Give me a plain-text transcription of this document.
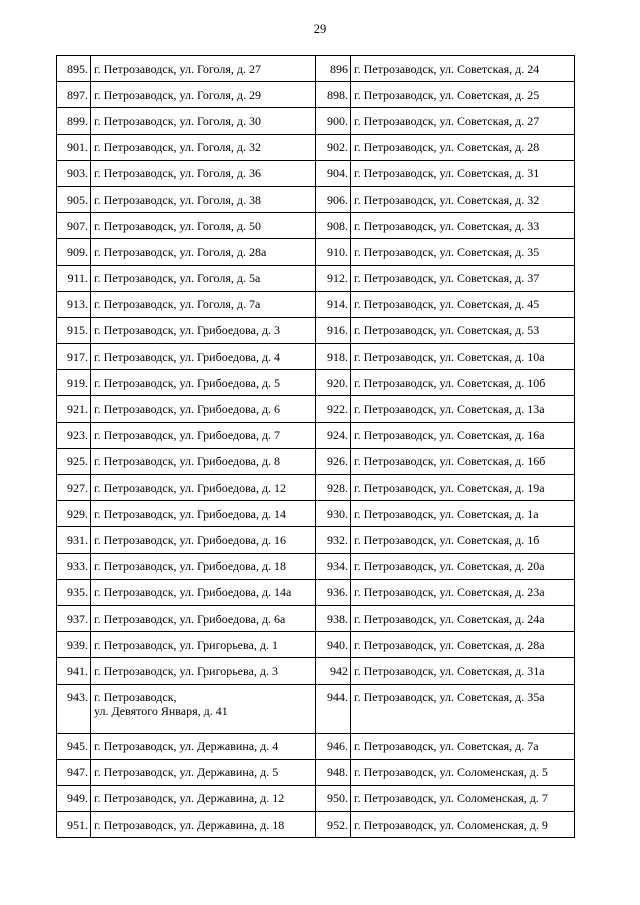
29
895.	г. Петрозаводск, ул. Гоголя, д. 27	896	г. Петрозаводск, ул. Советская, д. 24
897.	г. Петрозаводск, ул. Гоголя, д. 29	898.	г. Петрозаводск, ул. Советская, д. 25
899.	г. Петрозаводск, ул. Гоголя, д. 30	900.	г. Петрозаводск, ул. Советская, д. 27
901.	г. Петрозаводск, ул. Гоголя, д. 32	902.	г. Петрозаводск, ул. Советская, д. 28
903.	г. Петрозаводск, ул. Гоголя, д. 36	904.	г. Петрозаводск, ул. Советская, д. 31
905.	г. Петрозаводск, ул. Гоголя, д. 38	906.	г. Петрозаводск, ул. Советская, д. 32
907.	г. Петрозаводск, ул. Гоголя, д. 50	908.	г. Петрозаводск, ул. Советская, д. 33
909.	г. Петрозаводск, ул. Гоголя, д. 28а	910.	г. Петрозаводск, ул. Советская, д. 35
911.	г. Петрозаводск, ул. Гоголя, д. 5а	912.	г. Петрозаводск, ул. Советская, д. 37
913.	г. Петрозаводск, ул. Гоголя, д. 7а	914.	г. Петрозаводск, ул. Советская, д. 45
915.	г. Петрозаводск, ул. Грибоедова, д. 3	916.	г. Петрозаводск, ул. Советская, д. 53
917.	г. Петрозаводск, ул. Грибоедова, д. 4	918.	г. Петрозаводск, ул. Советская, д. 10а
919.	г. Петрозаводск, ул. Грибоедова, д. 5	920.	г. Петрозаводск, ул. Советская, д. 10б
921.	г. Петрозаводск, ул. Грибоедова, д. 6	922.	г. Петрозаводск, ул. Советская, д. 13а
923.	г. Петрозаводск, ул. Грибоедова, д. 7	924.	г. Петрозаводск, ул. Советская, д. 16а
925.	г. Петрозаводск, ул. Грибоедова, д. 8	926.	г. Петрозаводск, ул. Советская, д. 16б
927.	г. Петрозаводск, ул. Грибоедова, д. 12	928.	г. Петрозаводск, ул. Советская, д. 19а
929.	г. Петрозаводск, ул. Грибоедова, д. 14	930.	г. Петрозаводск, ул. Советская, д. 1а
931.	г. Петрозаводск, ул. Грибоедова, д. 16	932.	г. Петрозаводск, ул. Советская, д. 1б
933.	г. Петрозаводск, ул. Грибоедова, д. 18	934.	г. Петрозаводск, ул. Советская, д. 20а
935.	г. Петрозаводск, ул. Грибоедова, д. 14а	936.	г. Петрозаводск, ул. Советская, д. 23а
937.	г. Петрозаводск, ул. Грибоедова, д. 6а	938.	г. Петрозаводск, ул. Советская, д. 24а
939.	г. Петрозаводск, ул. Григорьева, д. 1	940.	г. Петрозаводск, ул. Советская, д. 28а
941.	г. Петрозаводск, ул. Григорьева, д. 3	942	г. Петрозаводск, ул. Советская, д. 31а
943.	г. Петрозаводск,
ул. Девятого Января, д. 41	944.	г. Петрозаводск, ул. Советская, д. 35а
945.	г. Петрозаводск, ул. Державина, д. 4	946.	г. Петрозаводск, ул. Советская, д. 7а
947.	г. Петрозаводск, ул. Державина, д. 5	948.	г. Петрозаводск, ул. Соломенская, д. 5
949.	г. Петрозаводск, ул. Державина, д. 12	950.	г. Петрозаводск, ул. Соломенская, д. 7
951.	г. Петрозаводск, ул. Державина, д. 18	952.	г. Петрозаводск, ул. Соломенская, д. 9
